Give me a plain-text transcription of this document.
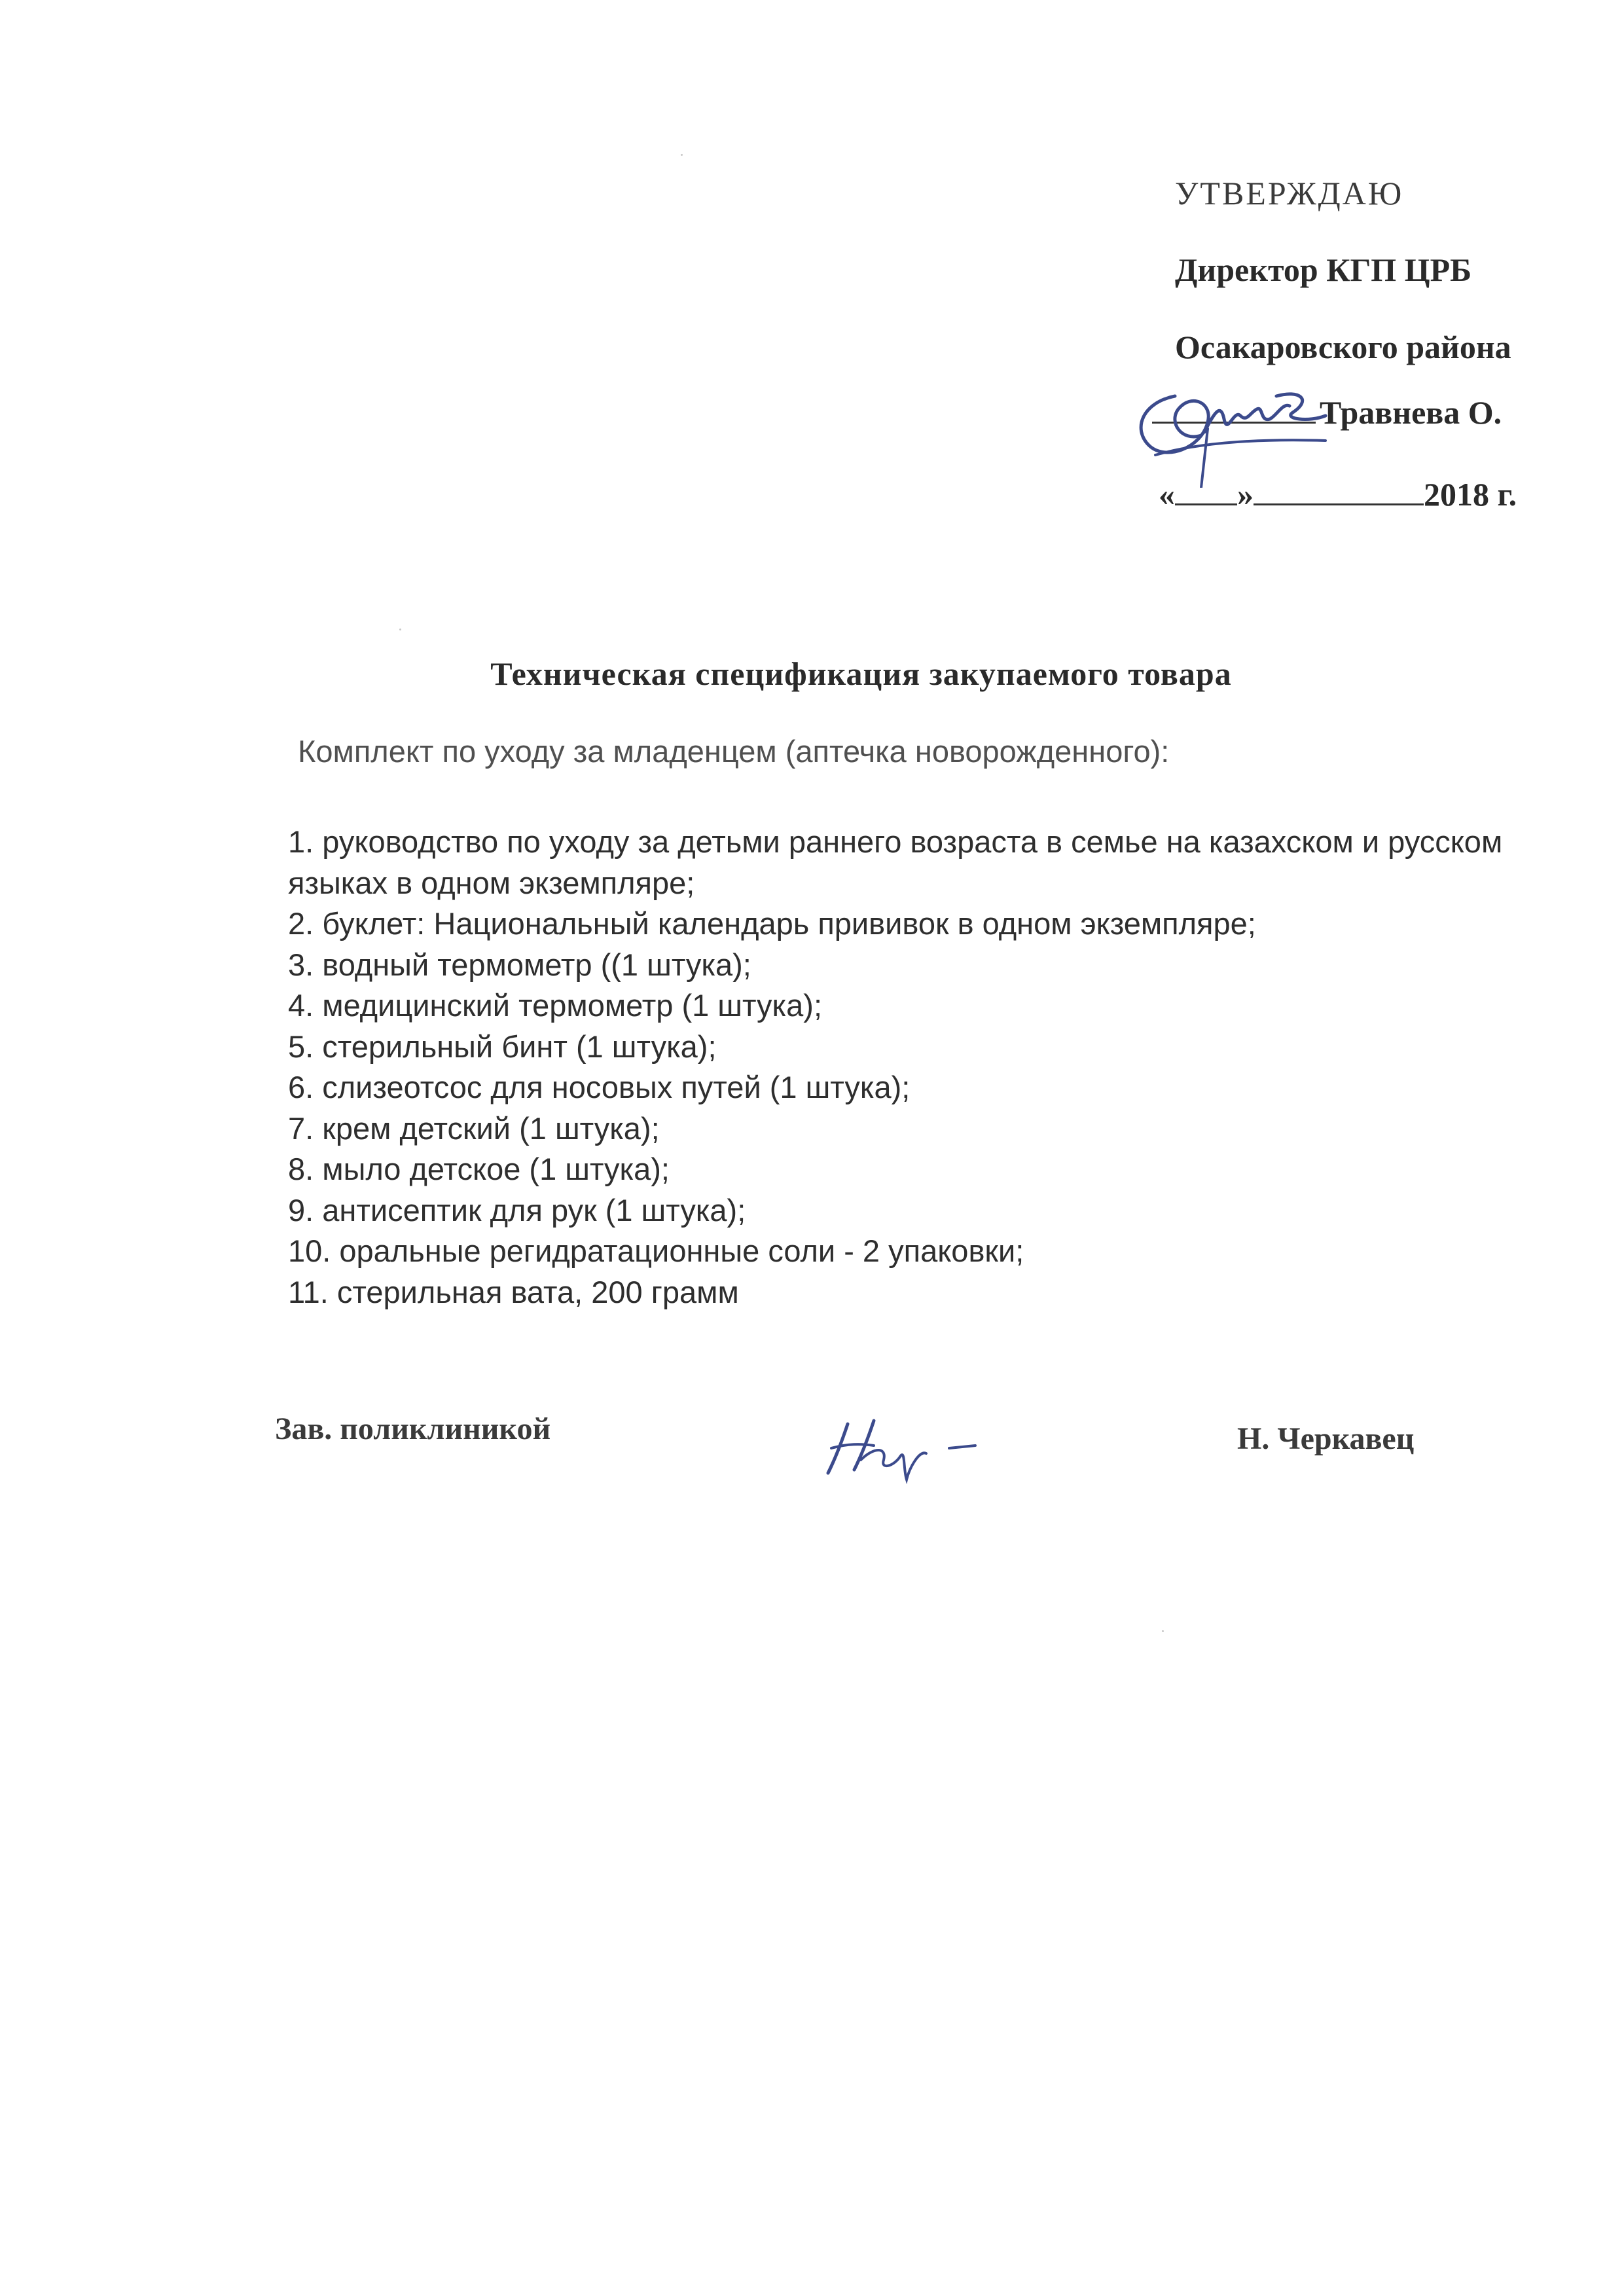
УТВЕРЖДАЮ
Директор КГП ЦРБ
Осакаровского района
Травнева О.
« »	2018 г.
Техническая спецификация закупаемого товара
Комплект по уходу за младенцем (аптечка новорожденного):
1. руководство по уходу за детьми раннего возраста в семье на казахском и русском языках в одном экземпляре;
2. буклет: Национальный календарь прививок в одном экземпляре;
3. водный термометр ((1 штука);
4. медицинский термометр (1 штука);
5. стерильный бинт (1 штука);
6. слизеотсос для носовых путей (1 штука);
7. крем детский (1 штука);
8. мыло детское (1 штука);
9. антисептик для рук (1 штука);
10. оральные регидратационные соли - 2 упаковки;
11. стерильная вата, 200 грамм
Зав. поликлиникой	Н. Черкавец
